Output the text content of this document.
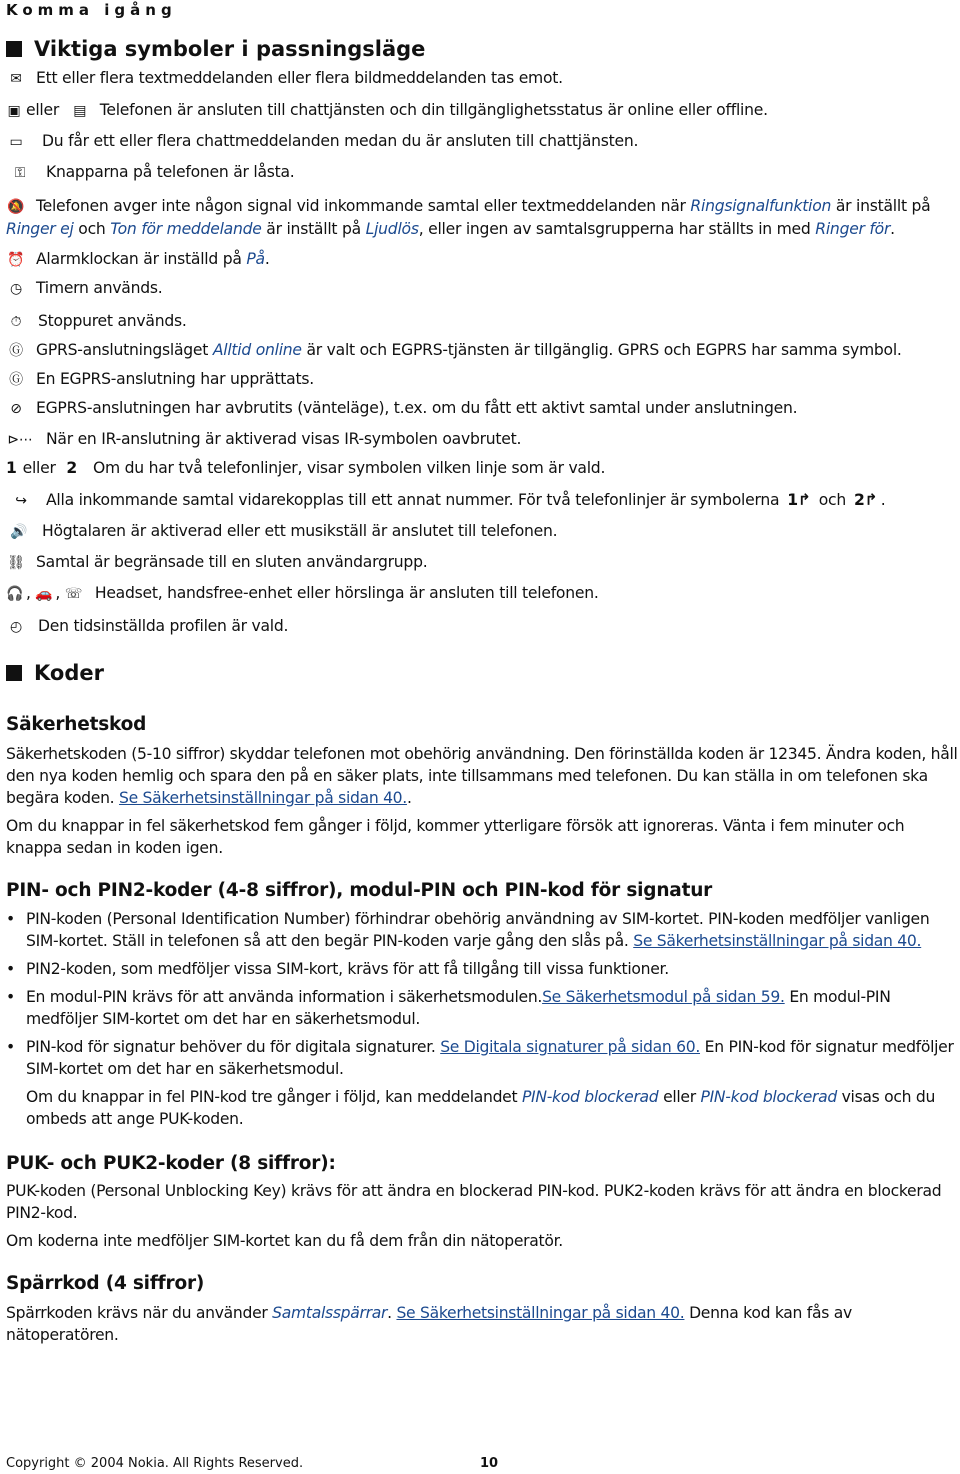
Komma igång
Viktiga symboler i passningsläge
✉ Ett eller flera textmeddelanden eller flera bildmeddelanden tas emot.
▣ eller ▤ Telefonen är ansluten till chattjänsten och din tillgänglighetsstatus är online eller offline.
▭ Du får ett eller flera chattmeddelanden medan du är ansluten till chattjänsten.
⚿ Knapparna på telefonen är låsta.
🔕 Telefonen avger inte någon signal vid inkommande samtal eller textmeddelanden när Ringsignalfunktion är inställt på Ringer ej och Ton för meddelande är inställt på Ljudlös, eller ingen av samtalsgrupperna har ställts in med Ringer för.
⏰ Alarmklockan är inställd på På.
◷ Timern används.
⏱ Stoppuret används.
Ⓖ GPRS-anslutningsläget Alltid online är valt och EGPRS-tjänsten är tillgänglig. GPRS och EGPRS har samma symbol.
Ⓖ En EGPRS-anslutning har upprättats.
⊘ EGPRS-anslutningen har avbrutits (vänteläge), t.ex. om du fått ett aktivt samtal under anslutningen.
⊳⋯ När en IR-anslutning är aktiverad visas IR-symbolen oavbrutet.
1 eller 2 Om du har två telefonlinjer, visar symbolen vilken linje som är vald.
↪ Alla inkommande samtal vidarekopplas till ett annat nummer. För två telefonlinjer är symbolerna 1↱ och 2↱ .
🔊 Högtalaren är aktiverad eller ett musikställ är anslutet till telefonen.
⛓ Samtal är begränsade till en sluten användargrupp.
🎧 , 🚗 , ☏ Headset, handsfree-enhet eller hörslinga är ansluten till telefonen.
◴ Den tidsinställda profilen är vald.
Koder
Säkerhetskod
Säkerhetskoden (5-10 siffror) skyddar telefonen mot obehörig användning. Den förinställda koden är 12345. Ändra koden, håll den nya koden hemlig och spara den på en säker plats, inte tillsammans med telefonen. Du kan ställa in om telefonen ska begära koden. Se Säkerhetsinställningar på sidan 40..
Om du knappar in fel säkerhetskod fem gånger i följd, kommer ytterligare försök att ignoreras. Vänta i fem minuter och knappa sedan in koden igen.
PIN- och PIN2-koder (4-8 siffror), modul-PIN och PIN-kod för signatur
• PIN-koden (Personal Identification Number) förhindrar obehörig användning av SIM-kortet. PIN-koden medföljer vanligen SIM-kortet. Ställ in telefonen så att den begär PIN-koden varje gång den slås på. Se Säkerhetsinställningar på sidan 40.
• PIN2-koden, som medföljer vissa SIM-kort, krävs för att få tillgång till vissa funktioner.
• En modul-PIN krävs för att använda information i säkerhetsmodulen.Se Säkerhetsmodul på sidan 59. En modul-PIN medföljer SIM-kortet om det har en säkerhetsmodul.
• PIN-kod för signatur behöver du för digitala signaturer. Se Digitala signaturer på sidan 60. En PIN-kod för signatur medföljer SIM-kortet om det har en säkerhetsmodul.
Om du knappar in fel PIN-kod tre gånger i följd, kan meddelandet PIN-kod blockerad eller PIN-kod blockerad visas och du ombeds att ange PUK-koden.
PUK- och PUK2-koder (8 siffror):
PUK-koden (Personal Unblocking Key) krävs för att ändra en blockerad PIN-kod. PUK2-koden krävs för att ändra en blockerad PIN2-kod.
Om koderna inte medföljer SIM-kortet kan du få dem från din nätoperatör.
Spärrkod (4 siffror)
Spärrkoden krävs när du använder Samtalsspärrar. Se Säkerhetsinställningar på sidan 40. Denna kod kan fås av nätoperatören.
Copyright © 2004 Nokia. All Rights Reserved.	10
